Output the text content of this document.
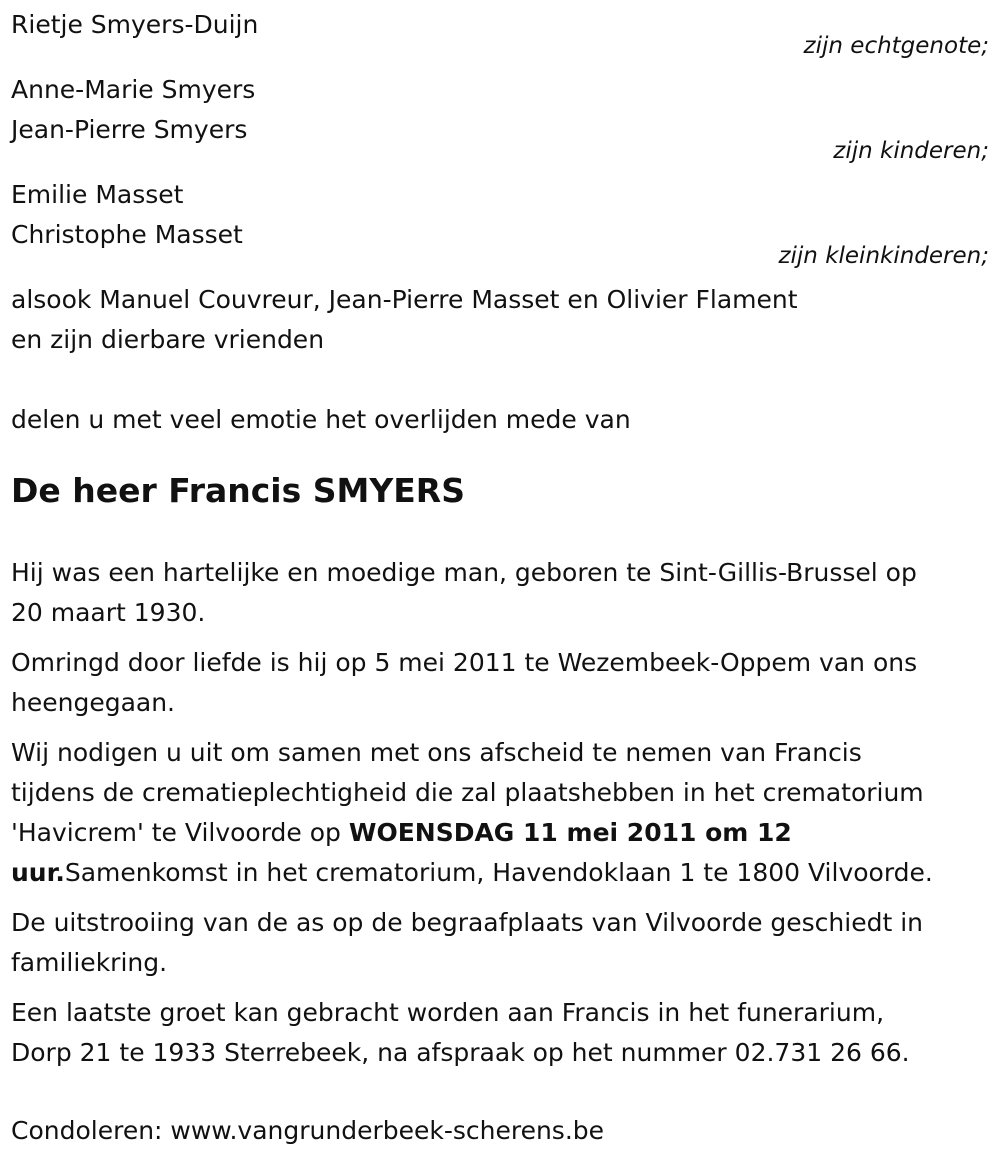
Rietje Smyers-Duijn
zijn echtgenote;
Anne-Marie Smyers
Jean-Pierre Smyers
zijn kinderen;
Emilie Masset
Christophe Masset
zijn kleinkinderen;
alsook Manuel Couvreur, Jean-Pierre Masset en Olivier Flament
en zijn dierbare vrienden
delen u met veel emotie het overlijden mede van
De heer Francis SMYERS
Hij was een hartelijke en moedige man, geboren te Sint-Gillis-Brussel op
20 maart 1930.
Omringd door liefde is hij op 5 mei 2011 te Wezembeek-Oppem van ons
heengegaan.
Wij nodigen u uit om samen met ons afscheid te nemen van Francis
tijdens de crematieplechtigheid die zal plaatshebben in het crematorium
'Havicrem' te Vilvoorde op WOENSDAG 11 mei 2011 om 12
uur.Samenkomst in het crematorium, Havendoklaan 1 te 1800 Vilvoorde.
De uitstrooiing van de as op de begraafplaats van Vilvoorde geschiedt in
familiekring.
Een laatste groet kan gebracht worden aan Francis in het funerarium,
Dorp 21 te 1933 Sterrebeek, na afspraak op het nummer 02.731 26 66.
Condoleren: www.vangrunderbeek-scherens.be
